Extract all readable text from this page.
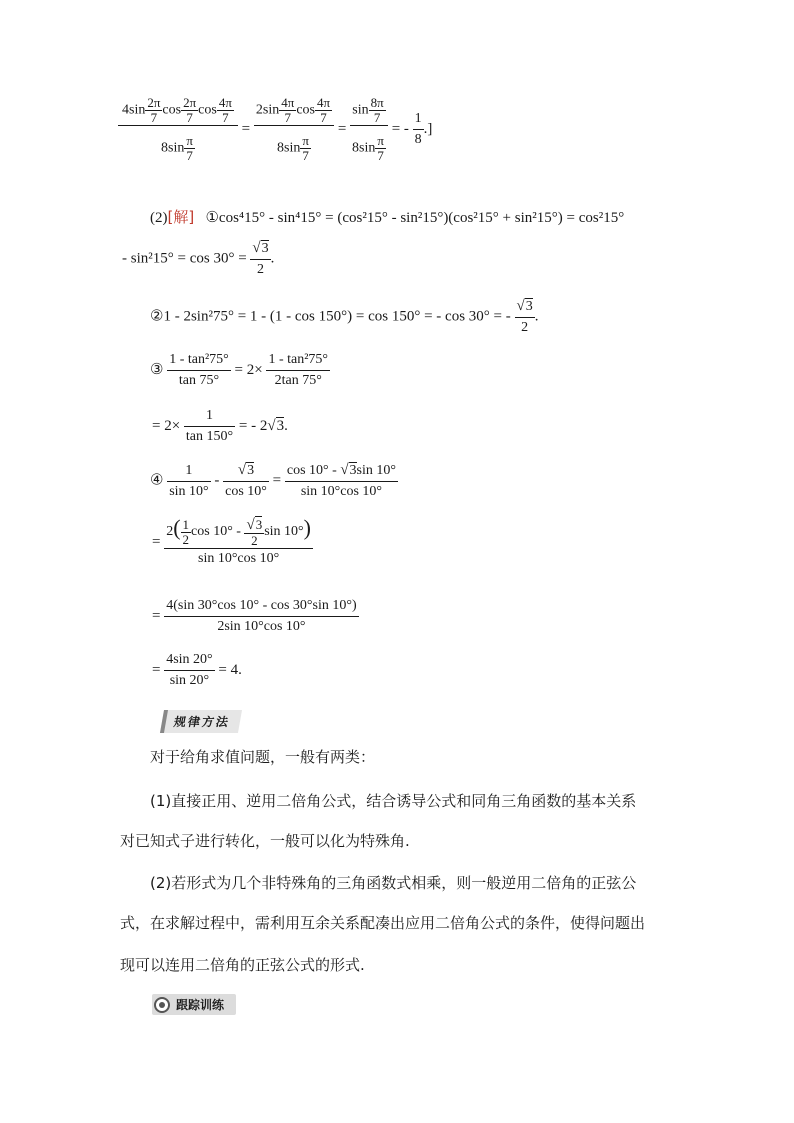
$\frac{4\sin \frac{2\pi}{7} \cos \frac{2\pi}{7} \cos \frac{4\pi}{7}}{8\sin \frac{\pi}{7}} = \frac{2\sin \frac{4\pi}{7} \cos \frac{4\pi}{7}}{8\sin \frac{\pi}{7}} = \frac{\sin \frac{8\pi}{7}}{8\sin \frac{\pi}{7}}$ = - $\frac{1}{8}$ .]
(2)[解] ①cos⁴15° - sin⁴15° = (cos²15° - sin²15°)(cos²15° + sin²15°) = cos²15°
- $\sin^215^\circ = \cos 30^\circ = \frac{√3}{2}$ .
②1 - 2sin²75° = 1 - (1 - cos 150°) = cos 150° = - cos 30° = - $\frac{√3}{2}$ .
③ $\frac{\text{1 - tan²75°}}{\tan 75^\circ} = 2\times \frac{\text{1 - tan²75°}}{2\tan 75^\circ}$
= $2\times \frac{1}{\tan 150^\circ}$ = - 2√3.
④ $\frac{1}{\sin 10^\circ} - \frac{√3}{\cos 10^\circ} = \frac{\cos 10^\circ - √3\sin 10^\circ}{\sin 10^\circ\cos 10^\circ}$
= $\frac{2( \frac{1}{2} \cos 10^\circ - \frac{√3}{2} \sin 10^\circ)}{\sin 10^\circ\cos 10^\circ}$
= $\frac{4(\sin 30^\circ\cos 10^\circ - \cos 30^\circ\sin 10^\circ)}{2\sin 10^\circ\cos 10^\circ}$
= $\frac{4\sin 20^\circ}{\sin 20^\circ} = 4$.
规律方法
对于给角求值问题，一般有两类：
(1)直接正用、逆用二倍角公式，结合诱导公式和同角三角函数的基本关系
对已知式子进行转化，一般可以化为特殊角.
(2)若形式为几个非特殊角的三角函数式相乘，则一般逆用二倍角的正弦公
式，在求解过程中，需利用互余关系配凑出应用二倍角公式的条件，使得问题出
现可以连用二倍角的正弦公式的形式.
跟踪训练
